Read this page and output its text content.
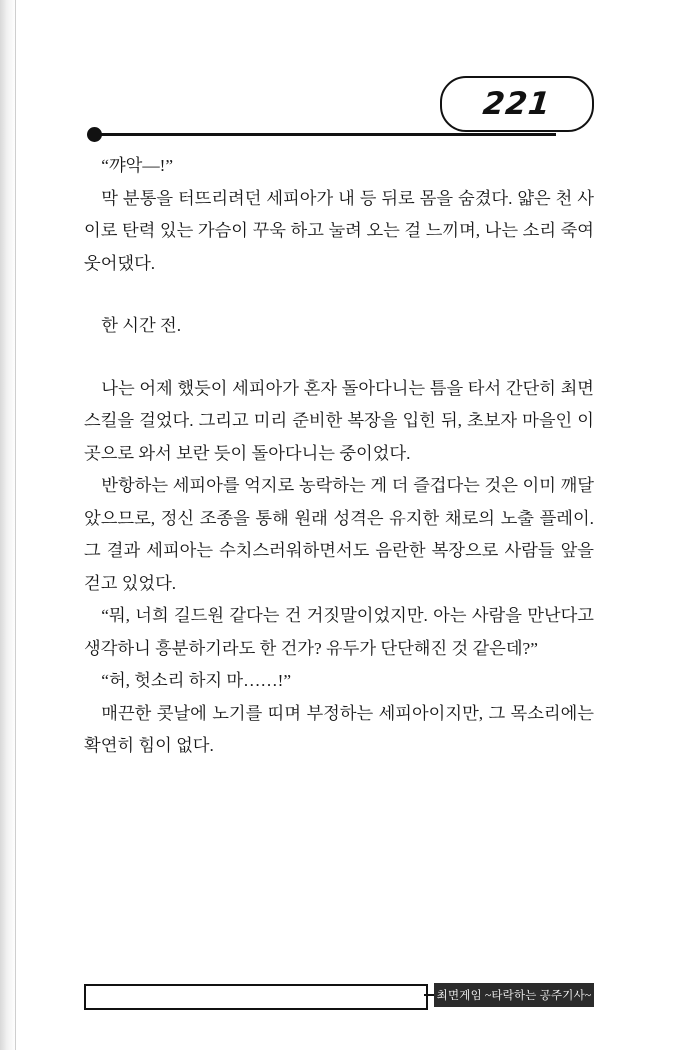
221

“꺄악―!”

막 분통을 터뜨리려던 세피아가 내 등 뒤로 몸을 숨겼다. 얇은 천 사이로 탄력 있는 가슴이 꾸욱 하고 눌려 오는 걸 느끼며, 나는 소리 죽여 웃어댔다.

한 시간 전.

나는 어제 했듯이 세피아가 혼자 돌아다니는 틈을 타서 간단히 최면 스킬을 걸었다. 그리고 미리 준비한 복장을 입힌 뒤, 초보자 마을인 이곳으로 와서 보란 듯이 돌아다니는 중이었다.

반항하는 세피아를 억지로 농락하는 게 더 즐겁다는 것은 이미 깨달았으므로, 정신 조종을 통해 원래 성격은 유지한 채로의 노출 플레이. 그 결과 세피아는 수치스러워하면서도 음란한 복장으로 사람들 앞을 걷고 있었다.

“뭐, 너희 길드원 같다는 건 거짓말이었지만. 아는 사람을 만난다고 생각하니 흥분하기라도 한 건가? 유두가 단단해진 것 같은데?”

“허, 헛소리 하지 마……!”

매끈한 콧날에 노기를 띠며 부정하는 세피아이지만, 그 목소리에는 확연히 힘이 없다.

최면게임 ~타락하는 공주기사~
